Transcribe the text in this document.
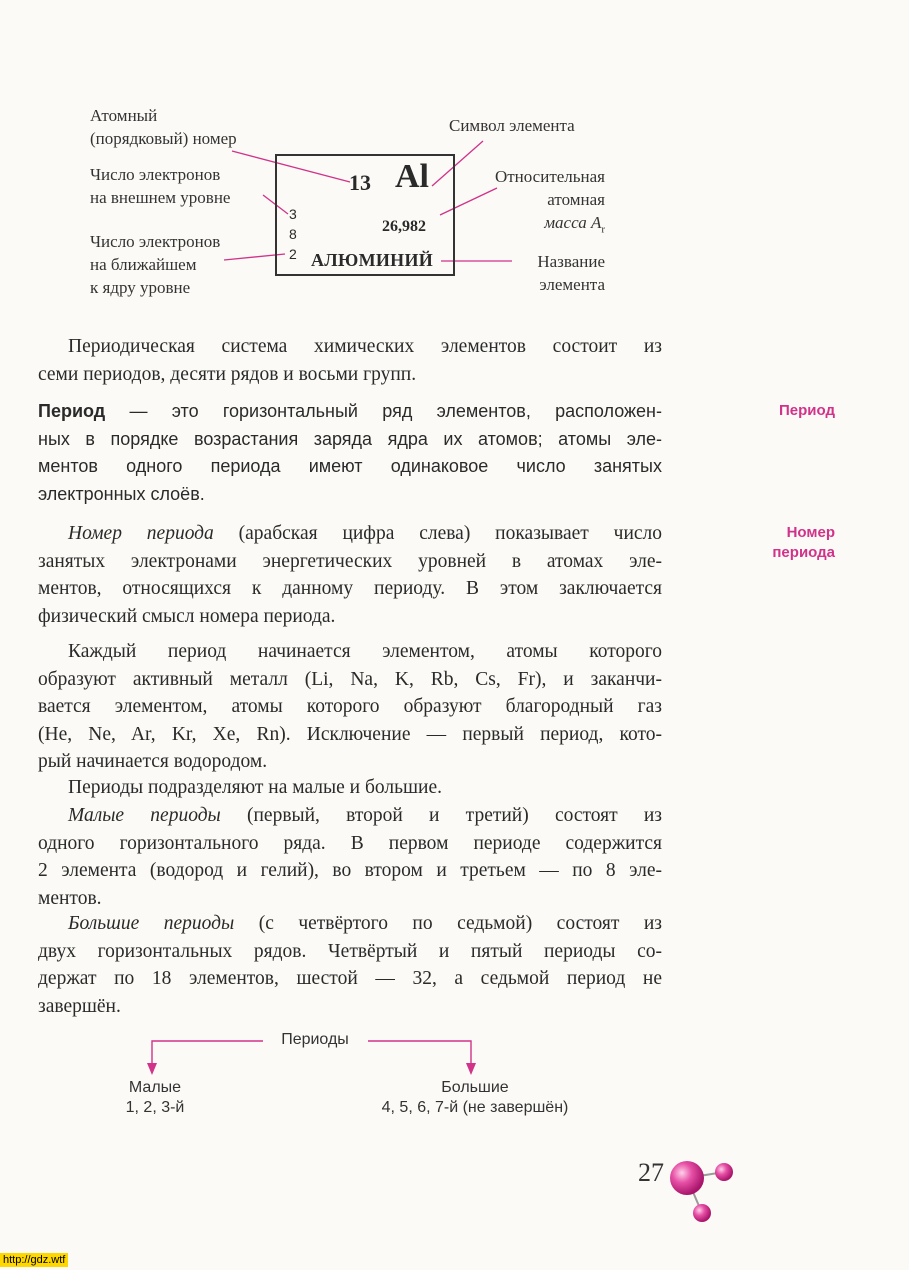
Атомный
(порядковый) номер
Число электронов
на внешнем уровне
Число электронов
на ближайшем
к ядру уровне
Символ элемента
Относительная
атомная
масса $A_r$
Название
элемента
13 Al
26,982
АЛЮМИНИЙ
3
8
2
Периодическая система химических элементов состоит из
семи периодов, десяти рядов и восьми групп.
Период — это горизонтальный ряд элементов, расположен-
ных в порядке возрастания заряда ядра их атомов; атомы эле-
ментов одного периода имеют одинаковое число занятых
электронных слоёв.
Номер периода (арабская цифра слева) показывает число
занятых электронами энергетических уровней в атомах эле-
ментов, относящихся к данному периоду. В этом заключается
физический смысл номера периода.
Каждый период начинается элементом, атомы которого
образуют активный металл (Li, Na, K, Rb, Cs, Fr), и заканчи-
вается элементом, атомы которого образуют благородный газ
(He, Ne, Ar, Kr, Xe, Rn). Исключение — первый период, кото-
рый начинается водородом.
Периоды подразделяют на малые и большие.
Малые периоды (первый, второй и третий) состоят из
одного горизонтального ряда. В первом периоде содержится
2 элемента (водород и гелий), во втором и третьем — по 8 эле-
ментов.
Большие периоды (с четвёртого по седьмой) состоят из
двух горизонтальных рядов. Четвёртый и пятый периоды со-
держат по 18 элементов, шестой — 32, а седьмой период не
завершён.
Период
Номер
периода
Периоды
Малые
1, 2, 3-й
Большие
4, 5, 6, 7-й (не завершён)
27
http://gdz.wtf
